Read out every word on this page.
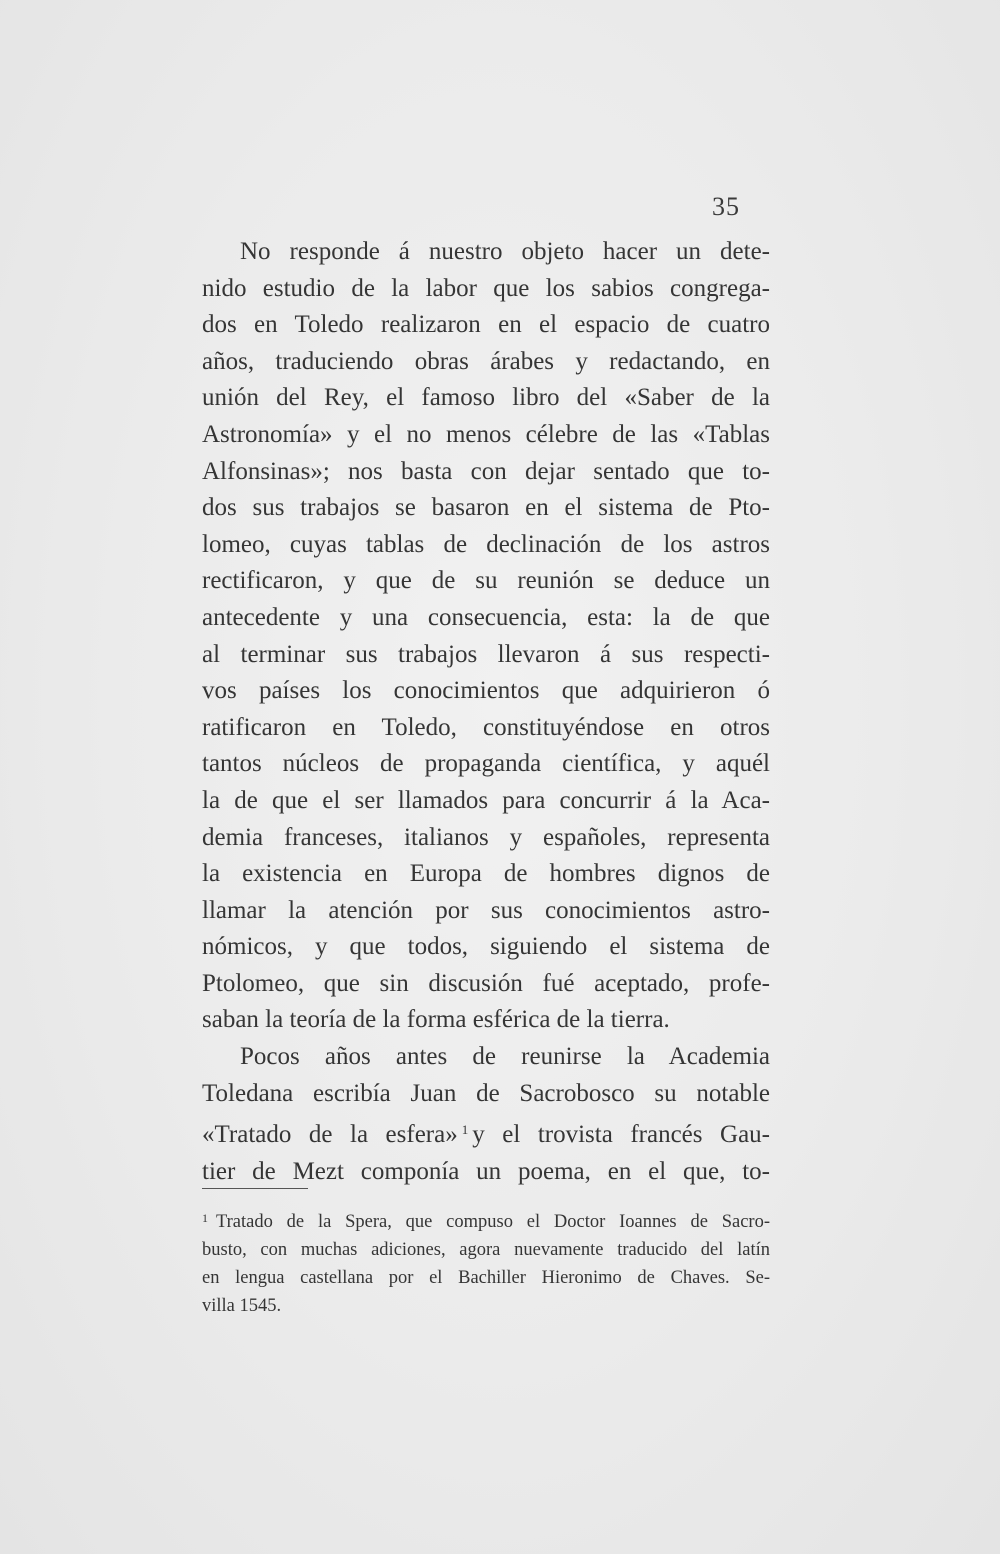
35
No responde á nuestro objeto hacer un dete-
nido estudio de la labor que los sabios congrega-
dos en Toledo realizaron en el espacio de cuatro
años, traduciendo obras árabes y redactando, en
unión del Rey, el famoso libro del «Saber de la
Astronomía» y el no menos célebre de las «Tablas
Alfonsinas»; nos basta con dejar sentado que to-
dos sus trabajos se basaron en el sistema de Pto-
lomeo, cuyas tablas de declinación de los astros
rectificaron, y que de su reunión se deduce un
antecedente y una consecuencia, esta: la de que
al terminar sus trabajos llevaron á sus respecti-
vos países los conocimientos que adquirieron ó
ratificaron en Toledo, constituyéndose en otros
tantos núcleos de propaganda científica, y aquél
la de que el ser llamados para concurrir á la Aca-
demia franceses, italianos y españoles, representa
la existencia en Europa de hombres dignos de
llamar la atención por sus conocimientos astro-
nómicos, y que todos, siguiendo el sistema de
Ptolomeo, que sin discusión fué aceptado, profe-
saban la teoría de la forma esférica de la tierra.
Pocos años antes de reunirse la Academia
Toledana escribía Juan de Sacrobosco su notable
«Tratado de la esfera» $^1$ y el trovista francés Gau-
tier de Mezt componía un poema, en el que, to-
$^1$ Tratado de la Spera, que compuso el Doctor Ioannes de Sacro-
busto, con muchas adiciones, agora nuevamente traducido del latín
en lengua castellana por el Bachiller Hieronimo de Chaves. Se-
villa 1545.
